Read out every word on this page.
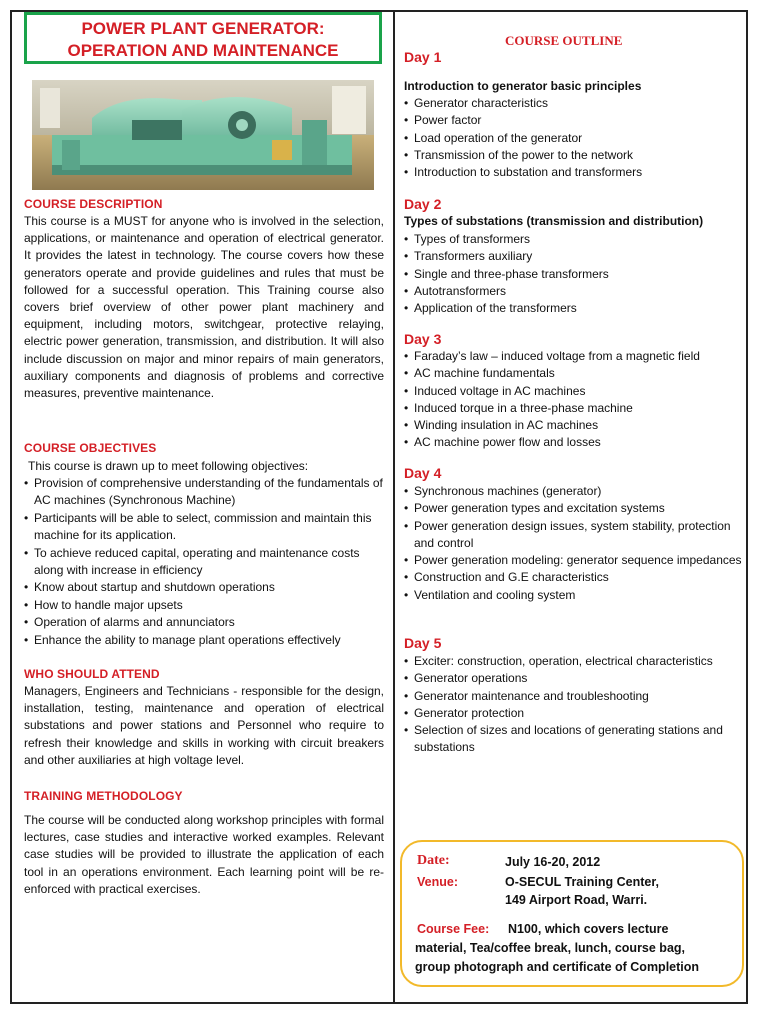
POWER PLANT GENERATOR:
OPERATION AND MAINTENANCE
COURSE DESCRIPTION
This course is a MUST for anyone who is involved in the selection, applications, or maintenance and operation of electrical generator. It provides the latest in technology. The course covers how these generators operate and provide guidelines and rules that must be followed for a successful operation. This Training course also covers brief overview of other power plant machinery and equipment, including motors, switchgear, protective relaying, electric power generation, transmission, and distribution. It will also include discussion on major and minor repairs of main generators, auxiliary components and diagnosis of problems and corrective measures, preventive maintenance.
COURSE OBJECTIVES
This course is drawn up to meet following objectives:
• Provision of comprehensive understanding of the fundamentals of AC machines (Synchronous Machine)
• Participants will be able to select, commission and maintain this machine for its application.
• To achieve reduced capital, operating and maintenance costs along with increase in efficiency
• Know about startup and shutdown operations
• How to handle major upsets
• Operation of alarms and annunciators
• Enhance the ability to manage plant operations effectively
WHO SHOULD ATTEND
Managers, Engineers and Technicians - responsible for the design, installation, testing, maintenance and operation of electrical substations and power stations and Personnel who require to refresh their knowledge and skills in working with circuit breakers and other auxiliaries at high voltage level.
TRAINING METHODOLOGY
The course will be conducted along workshop principles with formal lectures, case studies and interactive worked examples. Relevant case studies will be provided to illustrate the application of each tool in an operations environment. Each learning point will be re-enforced with practical exercises.
COURSE OUTLINE
Day 1
Introduction to generator basic principles
• Generator characteristics
• Power factor
• Load operation of the generator
• Transmission of the power to the network
• Introduction to substation and transformers
Day 2
Types of substations (transmission and distribution)
• Types of transformers
• Transformers auxiliary
• Single and three-phase transformers
• Autotransformers
• Application of the transformers
Day 3
• Faraday’s law – induced voltage from a magnetic field
• AC machine fundamentals
• Induced voltage in AC machines
• Induced torque in a three-phase machine
• Winding insulation in AC machines
• AC machine power flow and losses
Day 4
• Synchronous machines (generator)
• Power generation types and excitation systems
• Power generation design issues, system stability, protection and control
• Power generation modeling: generator sequence impedances
• Construction and G.E characteristics
• Ventilation and cooling system
Day 5
• Exciter: construction, operation, electrical characteristics
• Generator operations
• Generator maintenance and troubleshooting
• Generator protection
• Selection of sizes and locations of generating stations and substations
Date:	July 16-20, 2012
Venue:	O-SECUL Training Center,
149 Airport Road, Warri.
Course Fee: N100, which covers lecture
material, Tea/coffee break, lunch, course bag,
group photograph and certificate of Completion
